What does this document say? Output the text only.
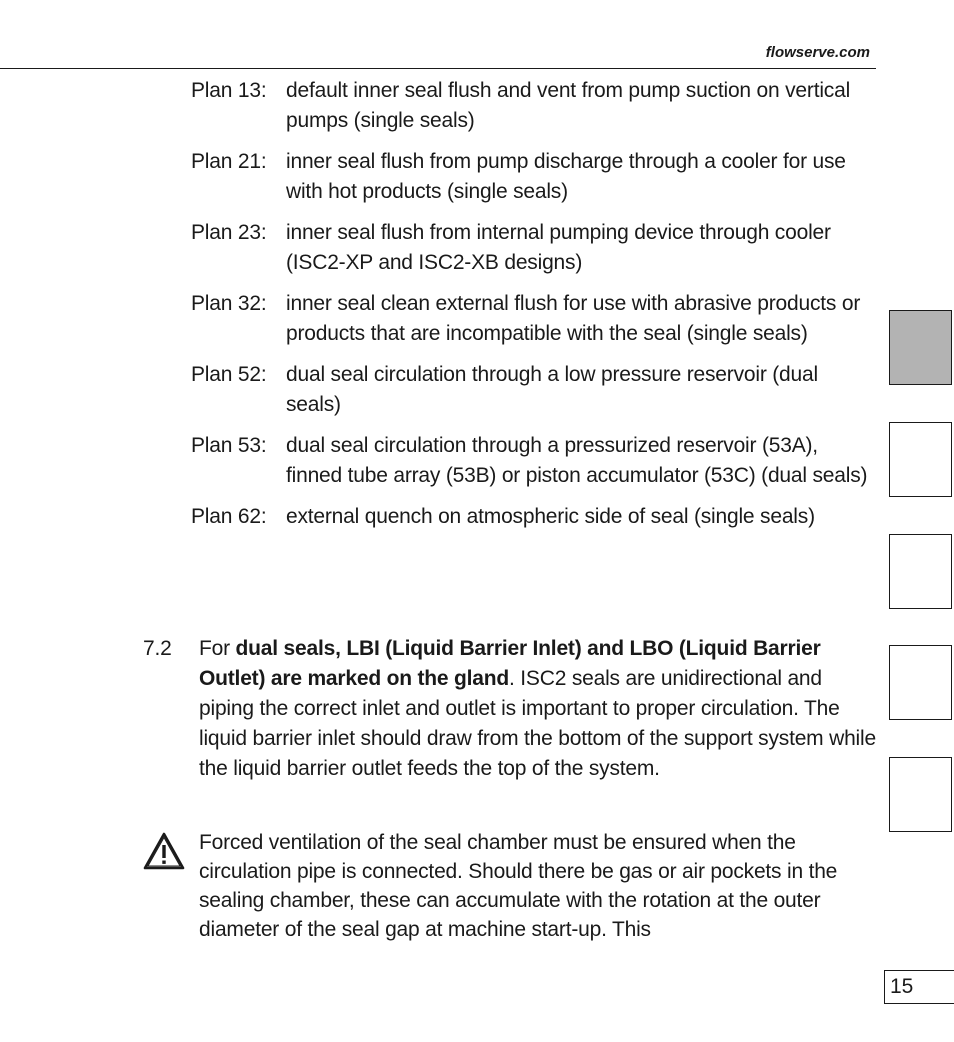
flowserve.com
Plan 13: default inner seal flush and vent from pump suction on vertical pumps (single seals)
Plan 21: inner seal flush from pump discharge through a cooler for use with hot products (single seals)
Plan 23: inner seal flush from internal pumping device through cooler (ISC2-XP and ISC2-XB designs)
Plan 32: inner seal clean external flush for use with abrasive products or products that are incompatible with the seal (single seals)
Plan 52: dual seal circulation through a low pressure reservoir (dual seals)
Plan 53: dual seal circulation through a pressurized reservoir (53A), finned tube array (53B) or piston accumulator (53C) (dual seals)
Plan 62: external quench on atmospheric side of seal (single seals)
7.2	For dual seals, LBI (Liquid Barrier Inlet) and LBO (Liquid Barrier Outlet) are marked on the gland. ISC2 seals are unidirectional and piping the correct inlet and outlet is important to proper circulation. The liquid barrier inlet should draw from the bottom of the support system while the liquid barrier outlet feeds the top of the system.
Forced ventilation of the seal chamber must be ensured when the circulation pipe is connected. Should there be gas or air pockets in the sealing chamber, these can accumulate with the rotation at the outer diameter of the seal gap at machine start-up. This
15
